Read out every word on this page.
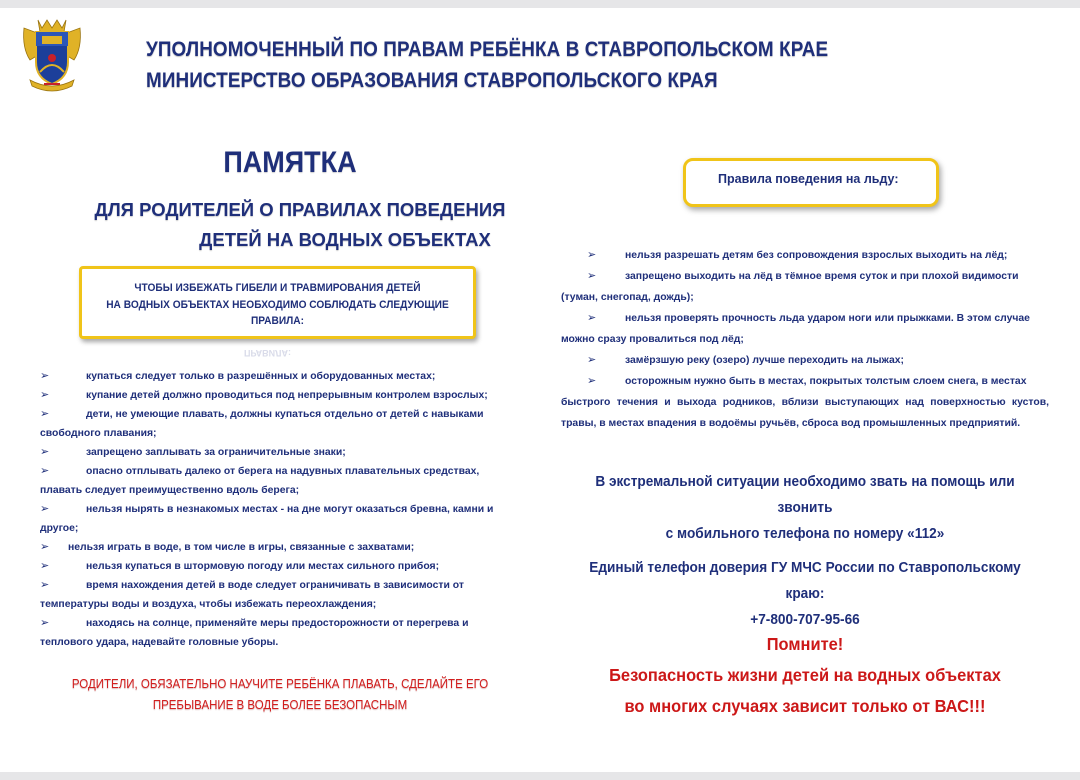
УПОЛНОМОЧЕННЫЙ ПО ПРАВАМ РЕБЁНКА В СТАВРОПОЛЬСКОМ КРАЕ
МИНИСТЕРСТВО ОБРАЗОВАНИЯ СТАВРОПОЛЬСКОГО КРАЯ
ПАМЯТКА
ДЛЯ РОДИТЕЛЕЙ О ПРАВИЛАХ ПОВЕДЕНИЯ
ДЕТЕЙ НА ВОДНЫХ ОБЪЕКТАХ
ЧТОБЫ ИЗБЕЖАТЬ ГИБЕЛИ И ТРАВМИРОВАНИЯ ДЕТЕЙ
НА ВОДНЫХ ОБЪЕКТАХ НЕОБХОДИМО СОБЛЮДАТЬ СЛЕДУЮЩИЕ
ПРАВИЛА:
ПРАВИЛА:
➢	купаться следует только в разрешённых и оборудованных местах;
➢	купание детей должно проводиться под непрерывным контролем взрослых;
➢	дети, не умеющие плавать, должны купаться отдельно от детей с навыками
свободного плавания;
➢	запрещено заплывать за ограничительные знаки;
➢	опасно отплывать далеко от берега на надувных плавательных средствах,
плавать следует преимущественно вдоль берега;
➢	нельзя нырять в незнакомых местах - на дне могут оказаться бревна, камни и
другое;
➢ нельзя играть в воде, в том числе в игры, связанные с захватами;
➢	нельзя купаться в штормовую погоду или местах сильного прибоя;
➢	время нахождения детей в воде следует ограничивать в зависимости от
температуры воды и воздуха, чтобы избежать переохлаждения;
➢	находясь на солнце, применяйте меры предосторожности от перегрева и
теплового удара, надевайте головные уборы.
РОДИТЕЛИ, ОБЯЗАТЕЛЬНО НАУЧИТЕ РЕБЁНКА ПЛАВАТЬ, СДЕЛАЙТЕ ЕГО
ПРЕБЫВАНИЕ В ВОДЕ БОЛЕЕ БЕЗОПАСНЫМ
Правила поведения на льду:
➢	нельзя разрешать детям без сопровождения взрослых выходить на лёд;
➢	запрещено выходить на лёд в тёмное время суток и при плохой видимости
(туман, снегопад, дождь);
➢	нельзя проверять прочность льда ударом ноги или прыжками. В этом случае
можно сразу провалиться под лёд;
➢	замёрзшую реку (озеро) лучше переходить на лыжах;
➢	осторожным нужно быть в местах, покрытых толстым слоем снега, в местах
быстрого течения и выхода родников, вблизи выступающих над поверхностью кустов, травы, в местах впадения в водоёмы ручьёв, сброса вод промышленных предприятий.

В экстремальной ситуации необходимо звать на помощь или звонить
с мобильного телефона по номеру «112»

Единый телефон доверия ГУ МЧС России по Ставропольскому краю:
+7-800-707-95-66

Помните!
Безопасность жизни детей на водных объектах
во многих случаях зависит только от ВАС!!!
